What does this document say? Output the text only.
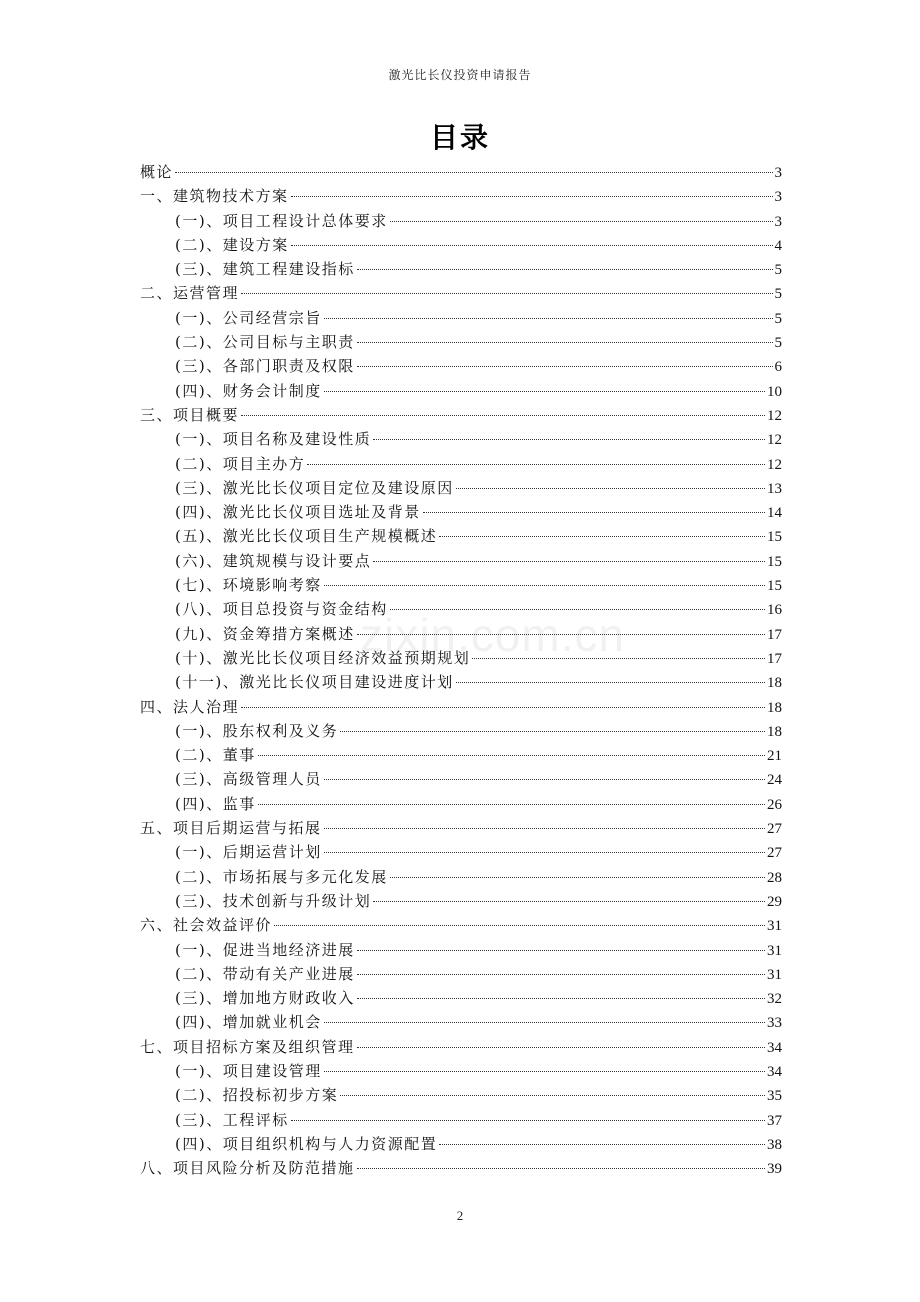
激光比长仪投资申请报告
目录
zixin.com.cn
概论	3
一、建筑物技术方案	3
(一)、项目工程设计总体要求	3
(二)、建设方案	4
(三)、建筑工程建设指标	5
二、运营管理	5
(一)、公司经营宗旨	5
(二)、公司目标与主职责	5
(三)、各部门职责及权限	6
(四)、财务会计制度	10
三、项目概要	12
(一)、项目名称及建设性质	12
(二)、项目主办方	12
(三)、激光比长仪项目定位及建设原因	13
(四)、激光比长仪项目选址及背景	14
(五)、激光比长仪项目生产规模概述	15
(六)、建筑规模与设计要点	15
(七)、环境影响考察	15
(八)、项目总投资与资金结构	16
(九)、资金筹措方案概述	17
(十)、激光比长仪项目经济效益预期规划	17
(十一)、激光比长仪项目建设进度计划	18
四、法人治理	18
(一)、股东权利及义务	18
(二)、董事	21
(三)、高级管理人员	24
(四)、监事	26
五、项目后期运营与拓展	27
(一)、后期运营计划	27
(二)、市场拓展与多元化发展	28
(三)、技术创新与升级计划	29
六、社会效益评价	31
(一)、促进当地经济进展	31
(二)、带动有关产业进展	31
(三)、增加地方财政收入	32
(四)、增加就业机会	33
七、项目招标方案及组织管理	34
(一)、项目建设管理	34
(二)、招投标初步方案	35
(三)、工程评标	37
(四)、项目组织机构与人力资源配置	38
八、项目风险分析及防范措施	39
2
